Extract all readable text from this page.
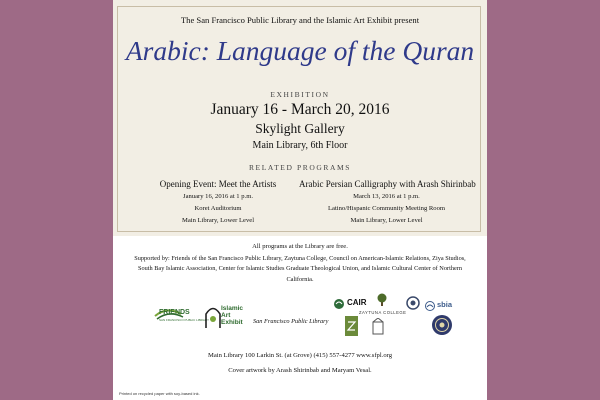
The San Francisco Public Library and the Islamic Art Exhibit present
Arabic: Language of the Quran
EXHIBITION
January 16 - March 20, 2016
Skylight Gallery
Main Library, 6th Floor
RELATED PROGRAMS
Opening Event: Meet the Artists
January 16, 2016 at 1 p.m.
Koret Auditorium
Main Library, Lower Level
Arabic Persian Calligraphy with Arash Shirinbab
March 13, 2016 at 1 p.m.
Latino/Hispanic Community Meeting Room
Main Library, Lower Level
All programs at the Library are free.
Supported by: Friends of the San Francisco Public Library, Zaytuna College, Council on American-Islamic Relations, Ziya Studios, South Bay Islamic Association, Center for Islamic Studies Graduate Theological Union, and Islamic Cultural Center of Northern California.
FRIENDS
SAN FRANCISCO PUBLIC LIBRARY
Islamic Art Exhibit	San Francisco Public Library
CAIR
ZAYTUNA COLLEGE
sbia
Main Library 100 Larkin St. (at Grove) (415) 557-4277 www.sfpl.org
Cover artwork by Arash Shirinbab and Maryam Vesal.
Printed on recycled paper with soy-based ink.
